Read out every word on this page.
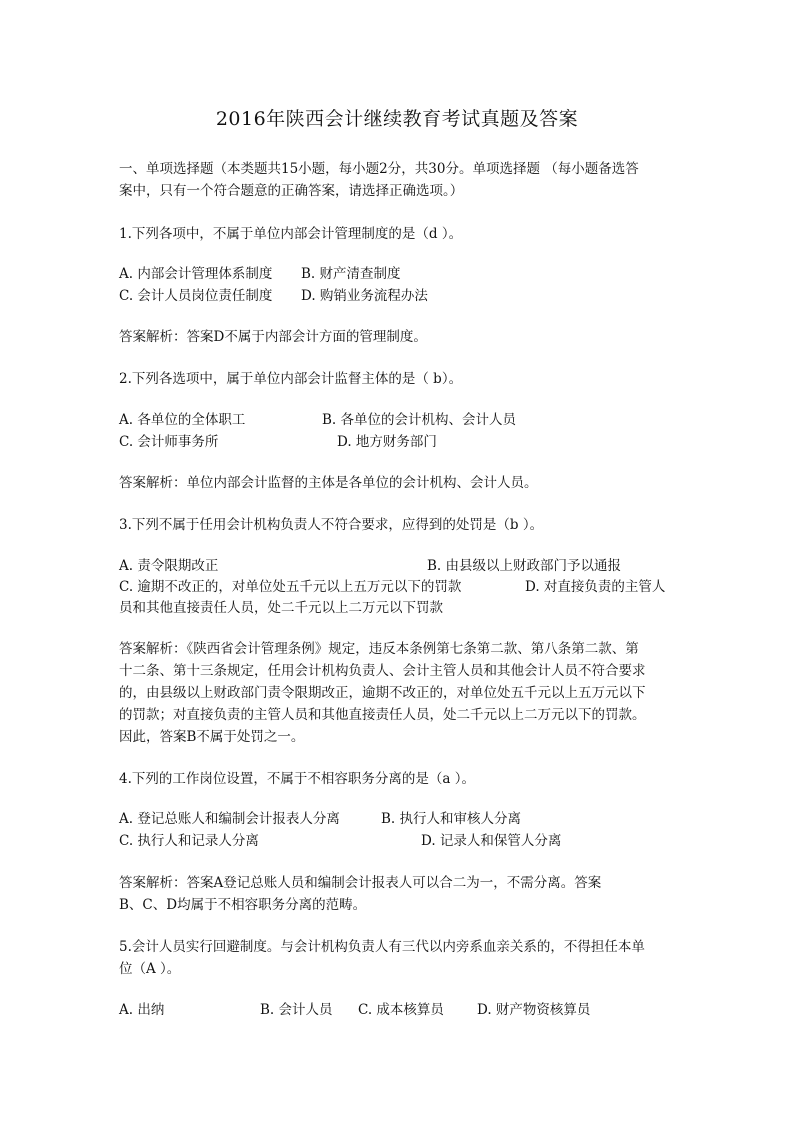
2016年陕西会计继续教育考试真题及答案
一、单项选择题（本类题共15小题，每小题2分，共30分。单项选择题 （每小题备选答
案中，只有一个符合题意的正确答案，请选择正确选项。）
1.下列各项中，不属于单位内部会计管理制度的是（d ）。
A. 内部会计管理体系制度 B. 财产清查制度
C. 会计人员岗位责任制度 D. 购销业务流程办法
答案解析：答案D不属于内部会计方面的管理制度。
2.下列各选项中，属于单位内部会计监督主体的是（ b）。
A. 各单位的全体职工	B. 各单位的会计机构、会计人员
C. 会计师事务所	D. 地方财务部门
答案解析：单位内部会计监督的主体是各单位的会计机构、会计人员。
3.下列不属于任用会计机构负责人不符合要求，应得到的处罚是（b ）。
A. 责令限期改正	B. 由县级以上财政部门予以通报
C. 逾期不改正的，对单位处五千元以上五万元以下的罚款	D. 对直接负责的主管人
员和其他直接责任人员，处二千元以上二万元以下罚款
答案解析：《陕西省会计管理条例》规定，违反本条例第七条第二款、第八条第二款、第
十二条、第十三条规定，任用会计机构负责人、会计主管人员和其他会计人员不符合要求
的，由县级以上财政部门责令限期改正，逾期不改正的，对单位处五千元以上五万元以下
的罚款；对直接负责的主管人员和其他直接责任人员，处二千元以上二万元以下的罚款。
因此，答案B不属于处罚之一。
4.下列的工作岗位设置，不属于不相容职务分离的是（a ）。
A. 登记总账人和编制会计报表人分离	B. 执行人和审核人分离
C. 执行人和记录人分离	D. 记录人和保管人分离
答案解析：答案A登记总账人员和编制会计报表人可以合二为一，不需分离。答案
B、C、D均属于不相容职务分离的范畴。
5.会计人员实行回避制度。与会计机构负责人有三代以内旁系血亲关系的，不得担任本单
位（A ）。
A. 出纳	B. 会计人员 C. 成本核算员 D. 财产物资核算员
